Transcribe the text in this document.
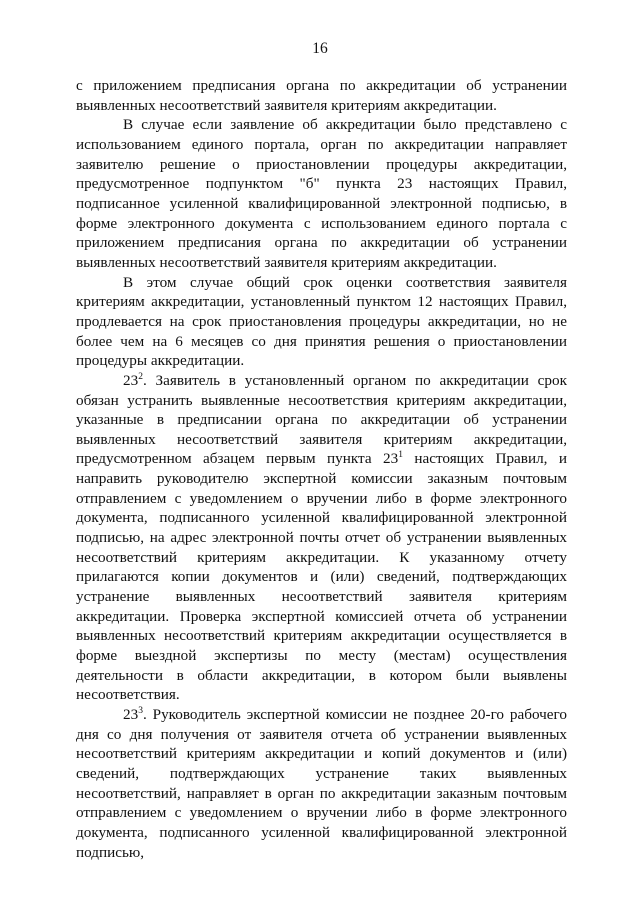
16

с приложением предписания органа по аккредитации об устранении выявленных несоответствий заявителя критериям аккредитации.

В случае если заявление об аккредитации было представлено с использованием единого портала, орган по аккредитации направляет заявителю решение о приостановлении процедуры аккредитации, предусмотренное подпунктом "б" пункта 23 настоящих Правил, подписанное усиленной квалифицированной электронной подписью, в форме электронного документа с использованием единого портала с приложением предписания органа по аккредитации об устранении выявленных несоответствий заявителя критериям аккредитации.

В этом случае общий срок оценки соответствия заявителя критериям аккредитации, установленный пунктом 12 настоящих Правил, продлевается на срок приостановления процедуры аккредитации, но не более чем на 6 месяцев со дня принятия решения о приостановлении процедуры аккредитации.

$23^2$. Заявитель в установленный органом по аккредитации срок обязан устранить выявленные несоответствия критериям аккредитации, указанные в предписании органа по аккредитации об устранении выявленных несоответствий заявителя критериям аккредитации, предусмотренном абзацем первым пункта $23^1$ настоящих Правил, и направить руководителю экспертной комиссии заказным почтовым отправлением с уведомлением о вручении либо в форме электронного документа, подписанного усиленной квалифицированной электронной подписью, на адрес электронной почты отчет об устранении выявленных несоответствий критериям аккредитации. К указанному отчету прилагаются копии документов и (или) сведений, подтверждающих устранение выявленных несоответствий заявителя критериям аккредитации. Проверка экспертной комиссией отчета об устранении выявленных несоответствий критериям аккредитации осуществляется в форме выездной экспертизы по месту (местам) осуществления деятельности в области аккредитации, в котором были выявлены несоответствия.

$23^3$. Руководитель экспертной комиссии не позднее 20-го рабочего дня со дня получения от заявителя отчета об устранении выявленных несоответствий критериям аккредитации и копий документов и (или) сведений, подтверждающих устранение таких выявленных несоответствий, направляет в орган по аккредитации заказным почтовым отправлением с уведомлением о вручении либо в форме электронного документа, подписанного усиленной квалифицированной электронной подписью,
